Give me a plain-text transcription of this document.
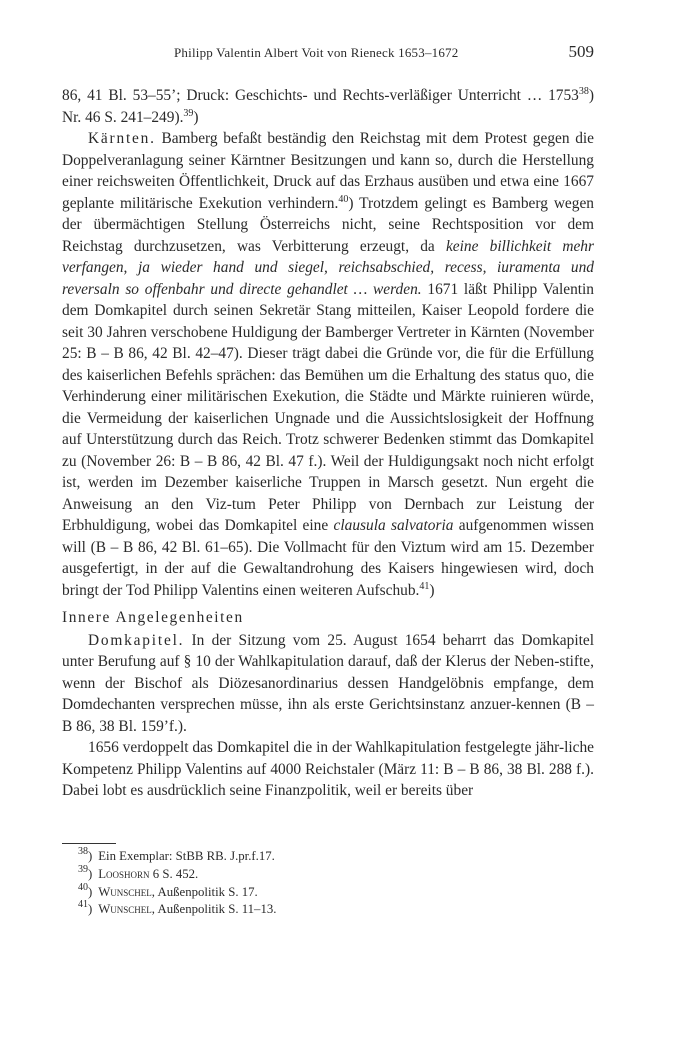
Philipp Valentin Albert Voit von Rieneck 1653–1672	509

86, 41 Bl. 53–55’; Druck: Geschichts- und Rechts-verläßiger Unterricht … 1753$^{38}$) Nr. 46 S. 241–249).$^{39}$)

Kärnten. Bamberg befaßt beständig den Reichstag mit dem Protest gegen die Doppelveranlagung seiner Kärntner Besitzungen und kann so, durch die Herstellung einer reichsweiten Öffentlichkeit, Druck auf das Erzhaus ausüben und etwa eine 1667 geplante militärische Exekution verhindern.$^{40}$) Trotzdem gelingt es Bamberg wegen der übermächtigen Stellung Österreichs nicht, seine Rechtsposition vor dem Reichstag durchzusetzen, was Verbitterung erzeugt, da keine billichkeit mehr verfangen, ja wieder hand und siegel, reichsabschied, recess, iuramenta und reversaln so offenbahr und directe gehandlet … werden. 1671 läßt Philipp Valentin dem Domkapitel durch seinen Sekretär Stang mitteilen, Kaiser Leopold fordere die seit 30 Jahren verschobene Huldigung der Bamberger Vertreter in Kärnten (November 25: B – B 86, 42 Bl. 42–47). Dieser trägt dabei die Gründe vor, die für die Erfüllung des kaiserlichen Befehls sprächen: das Bemühen um die Erhaltung des status quo, die Verhinderung einer militärischen Exekution, die Städte und Märkte ruinieren würde, die Vermeidung der kaiserlichen Ungnade und die Aussichtslosigkeit der Hoffnung auf Unterstützung durch das Reich. Trotz schwerer Bedenken stimmt das Domkapitel zu (November 26: B – B 86, 42 Bl. 47 f.). Weil der Huldigungsakt noch nicht erfolgt ist, werden im Dezember kaiserliche Truppen in Marsch gesetzt. Nun ergeht die Anweisung an den Viz-tum Peter Philipp von Dernbach zur Leistung der Erbhuldigung, wobei das Domkapitel eine clausula salvatoria aufgenommen wissen will (B – B 86, 42 Bl. 61–65). Die Vollmacht für den Viztum wird am 15. Dezember ausgefertigt, in der auf die Gewaltandrohung des Kaisers hingewiesen wird, doch bringt der Tod Philipp Valentins einen weiteren Aufschub.$^{41}$)

Innere Angelegenheiten

Domkapitel. In der Sitzung vom 25. August 1654 beharrt das Domkapitel unter Berufung auf § 10 der Wahlkapitulation darauf, daß der Klerus der Neben-stifte, wenn der Bischof als Diözesanordinarius dessen Handgelöbnis empfange, dem Domdechanten versprechen müsse, ihn als erste Gerichtsinstanz anzuer-kennen (B – B 86, 38 Bl. 159’f.).

1656 verdoppelt das Domkapitel die in der Wahlkapitulation festgelegte jähr-liche Kompetenz Philipp Valentins auf 4000 Reichstaler (März 11: B – B 86, 38 Bl. 288 f.). Dabei lobt es ausdrücklich seine Finanzpolitik, weil er bereits über

$^{38}$) Ein Exemplar: StBB RB. J.pr.f.17.
$^{39}$) Looshorn 6 S. 452.
$^{40}$) Wunschel, Außenpolitik S. 17.
$^{41}$) Wunschel, Außenpolitik S. 11–13.
